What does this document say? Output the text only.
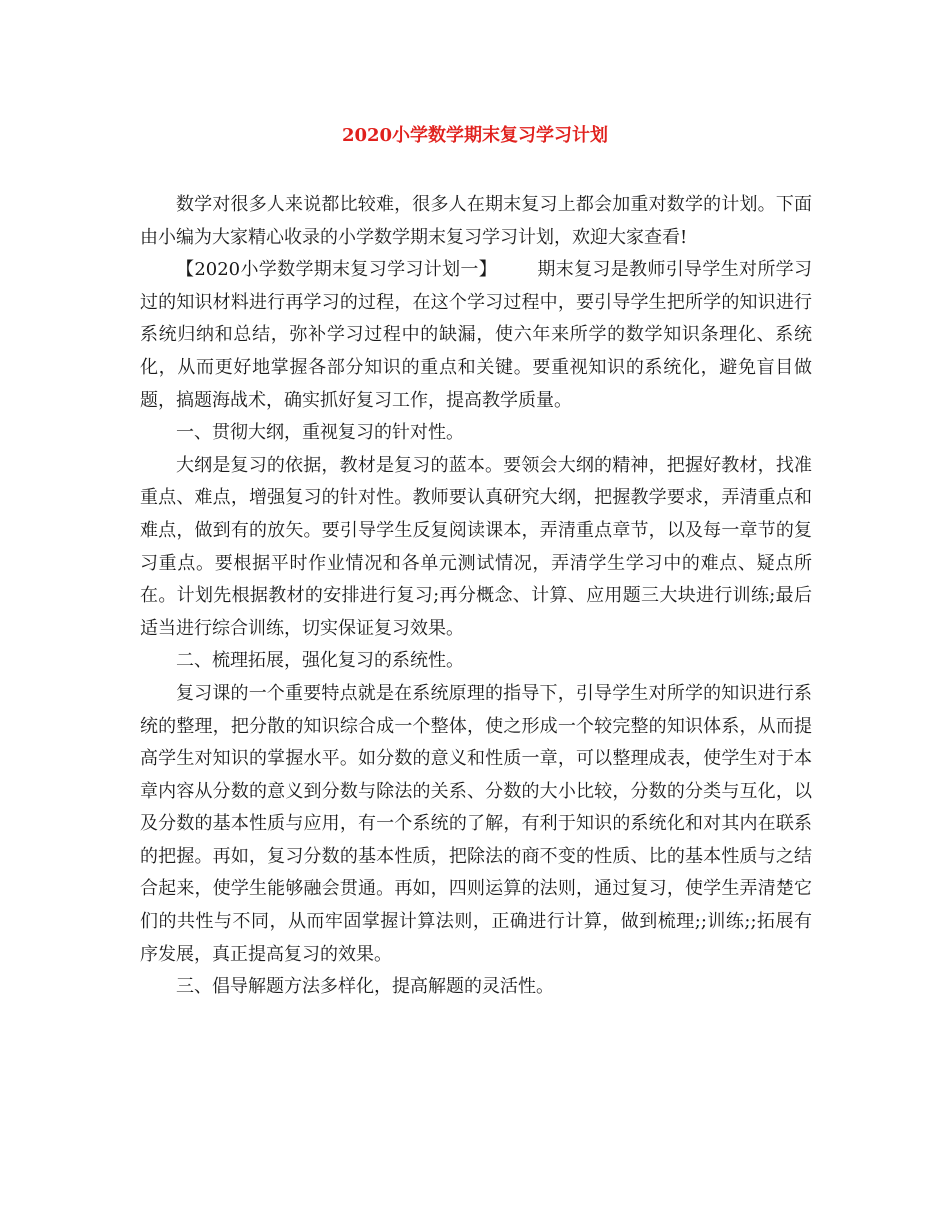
2020小学数学期末复习学习计划

数学对很多人来说都比较难，很多人在期末复习上都会加重对数学的计划。下面由小编为大家精心收录的小学数学期末复习学习计划，欢迎大家查看!

【2020小学数学期末复习学习计划一】 期末复习是教师引导学生对所学习过的知识材料进行再学习的过程，在这个学习过程中，要引导学生把所学的知识进行系统归纳和总结，弥补学习过程中的缺漏，使六年来所学的数学知识条理化、系统化，从而更好地掌握各部分知识的重点和关键。要重视知识的系统化，避免盲目做题，搞题海战术，确实抓好复习工作，提高教学质量。

一、贯彻大纲，重视复习的针对性。

大纲是复习的依据，教材是复习的蓝本。要领会大纲的精神，把握好教材，找准重点、难点，增强复习的针对性。教师要认真研究大纲，把握教学要求，弄清重点和难点，做到有的放矢。要引导学生反复阅读课本，弄清重点章节，以及每一章节的复习重点。要根据平时作业情况和各单元测试情况，弄清学生学习中的难点、疑点所在。计划先根据教材的安排进行复习;再分概念、计算、应用题三大块进行训练;最后适当进行综合训练，切实保证复习效果。

二、梳理拓展，强化复习的系统性。

复习课的一个重要特点就是在系统原理的指导下，引导学生对所学的知识进行系统的整理，把分散的知识综合成一个整体，使之形成一个较完整的知识体系，从而提高学生对知识的掌握水平。如分数的意义和性质一章，可以整理成表，使学生对于本章内容从分数的意义到分数与除法的关系、分数的大小比较，分数的分类与互化，以及分数的基本性质与应用，有一个系统的了解，有利于知识的系统化和对其内在联系的把握。再如，复习分数的基本性质，把除法的商不变的性质、比的基本性质与之结合起来，使学生能够融会贯通。再如，四则运算的法则，通过复习，使学生弄清楚它们的共性与不同，从而牢固掌握计算法则，正确进行计算，做到梳理;;训练;;拓展有序发展，真正提高复习的效果。

三、倡导解题方法多样化，提高解题的灵活性。
